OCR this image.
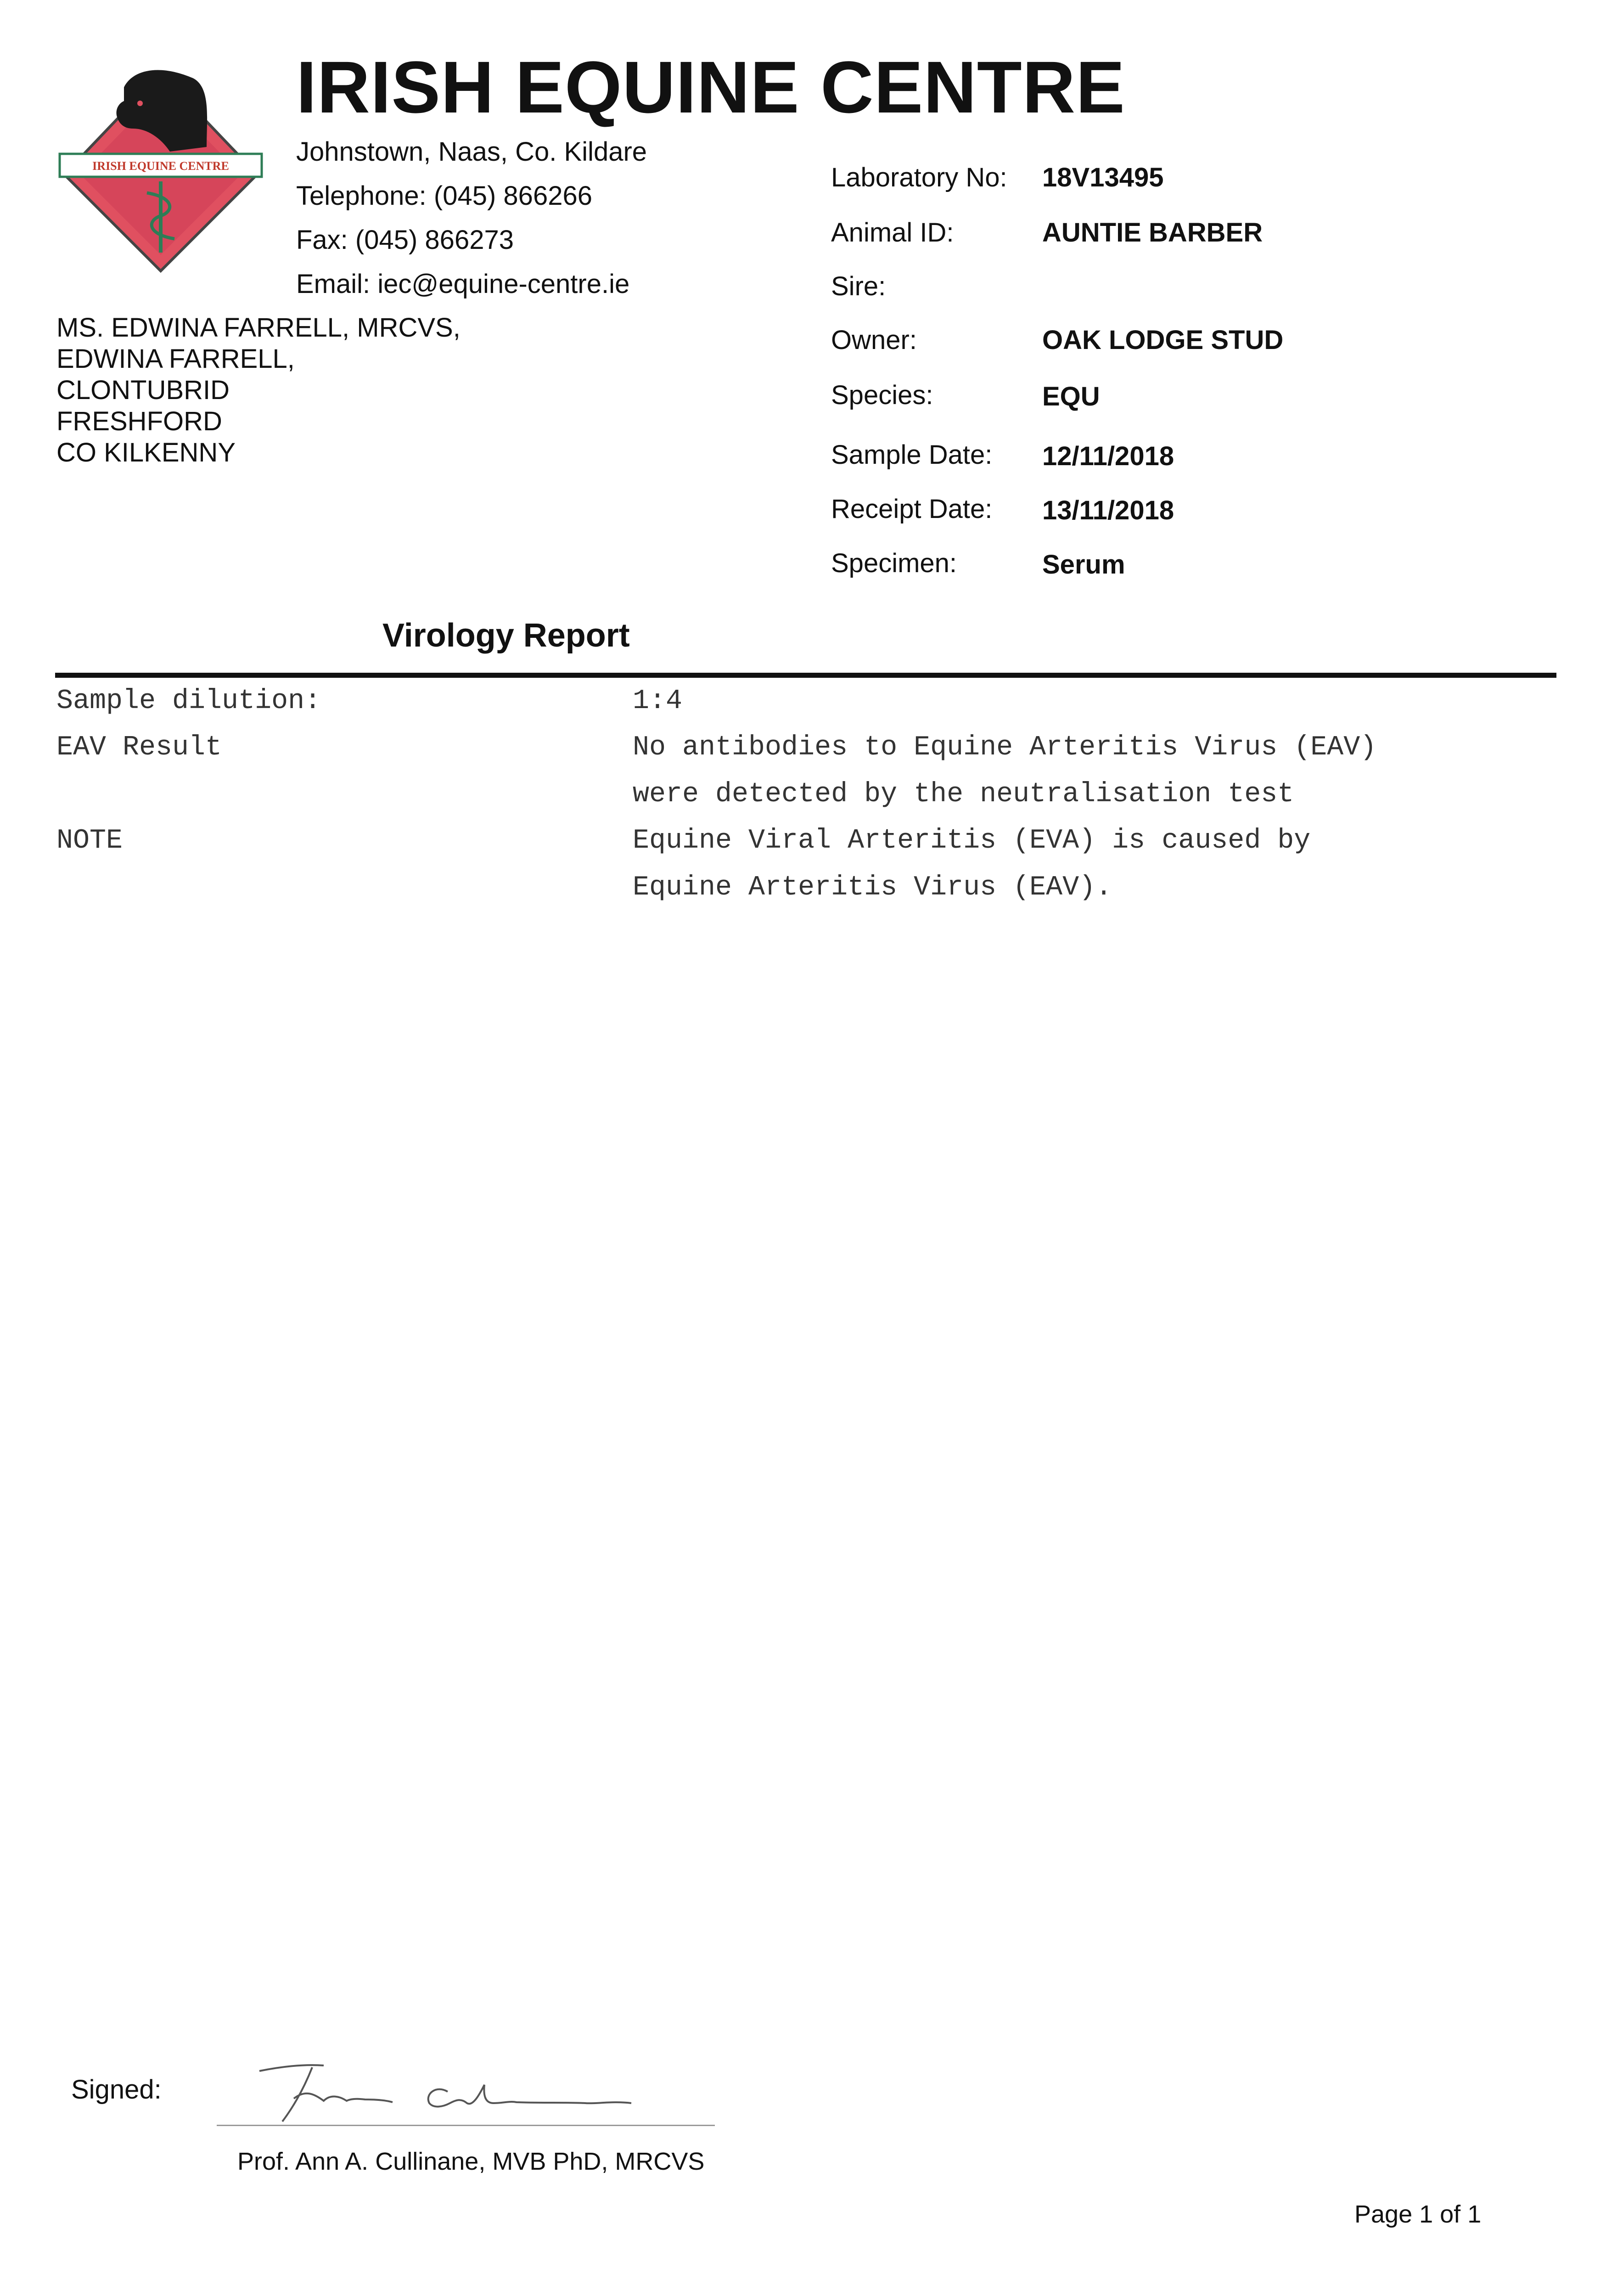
IRISH EQUINE CENTRE
IRISH EQUINE CENTRE
Johnstown, Naas, Co. Kildare
Telephone: (045) 866266
Fax: (045) 866273
Email: iec@equine-centre.ie
MS. EDWINA FARRELL, MRCVS,
EDWINA FARRELL,
CLONTUBRID
FRESHFORD
CO KILKENNY
Laboratory No: 18V13495
Animal ID:	AUNTIE BARBER
Sire:
Owner:	OAK LODGE STUD
Species:	EQU
Sample Date: 12/11/2018
Receipt Date: 13/11/2018
Specimen:	Serum
Virology Report
Sample dilution:	1:4
EAV Result	No antibodies to Equine Arteritis Virus (EAV)
were detected by the neutralisation test
NOTE	Equine Viral Arteritis (EVA) is caused by
Equine Arteritis Virus (EAV).
Signed:
Prof. Ann A. Cullinane, MVB PhD, MRCVS
Page 1 of 1
